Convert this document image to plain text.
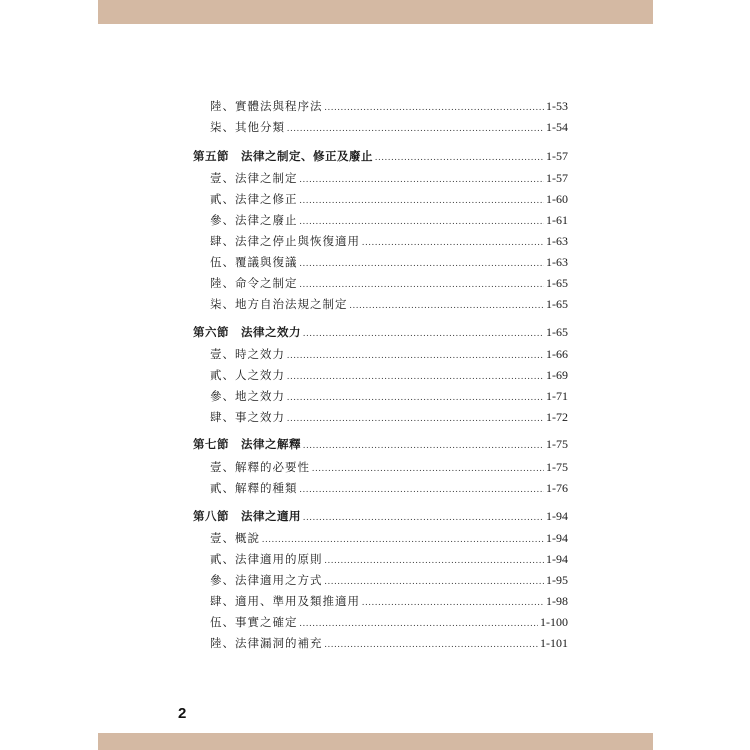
陸、實體法與程序法 .....	1-53
柒、其他分類 .....	1-54
第五節　法律之制定、修正及廢止 .....	1-57
壹、法律之制定 .....	1-57
貳、法律之修正 .....	1-60
參、法律之廢止 .....	1-61
肆、法律之停止與恢復適用 .....	1-63
伍、覆議與復議 .....	1-63
陸、命令之制定 .....	1-65
柒、地方自治法規之制定 .....	1-65
第六節　法律之效力 .....	1-65
壹、時之效力 .....	1-66
貳、人之效力 .....	1-69
參、地之效力 .....	1-71
肆、事之效力 .....	1-72
第七節　法律之解釋 .....	1-75
壹、解釋的必要性 .....	1-75
貳、解釋的種類 .....	1-76
第八節　法律之適用 .....	1-94
壹、概說 .....	1-94
貳、法律適用的原則 .....	1-94
參、法律適用之方式 .....	1-95
肆、適用、準用及類推適用 .....	1-98
伍、事實之確定 .....	1-100
陸、法律漏洞的補充 .....	1-101
2
